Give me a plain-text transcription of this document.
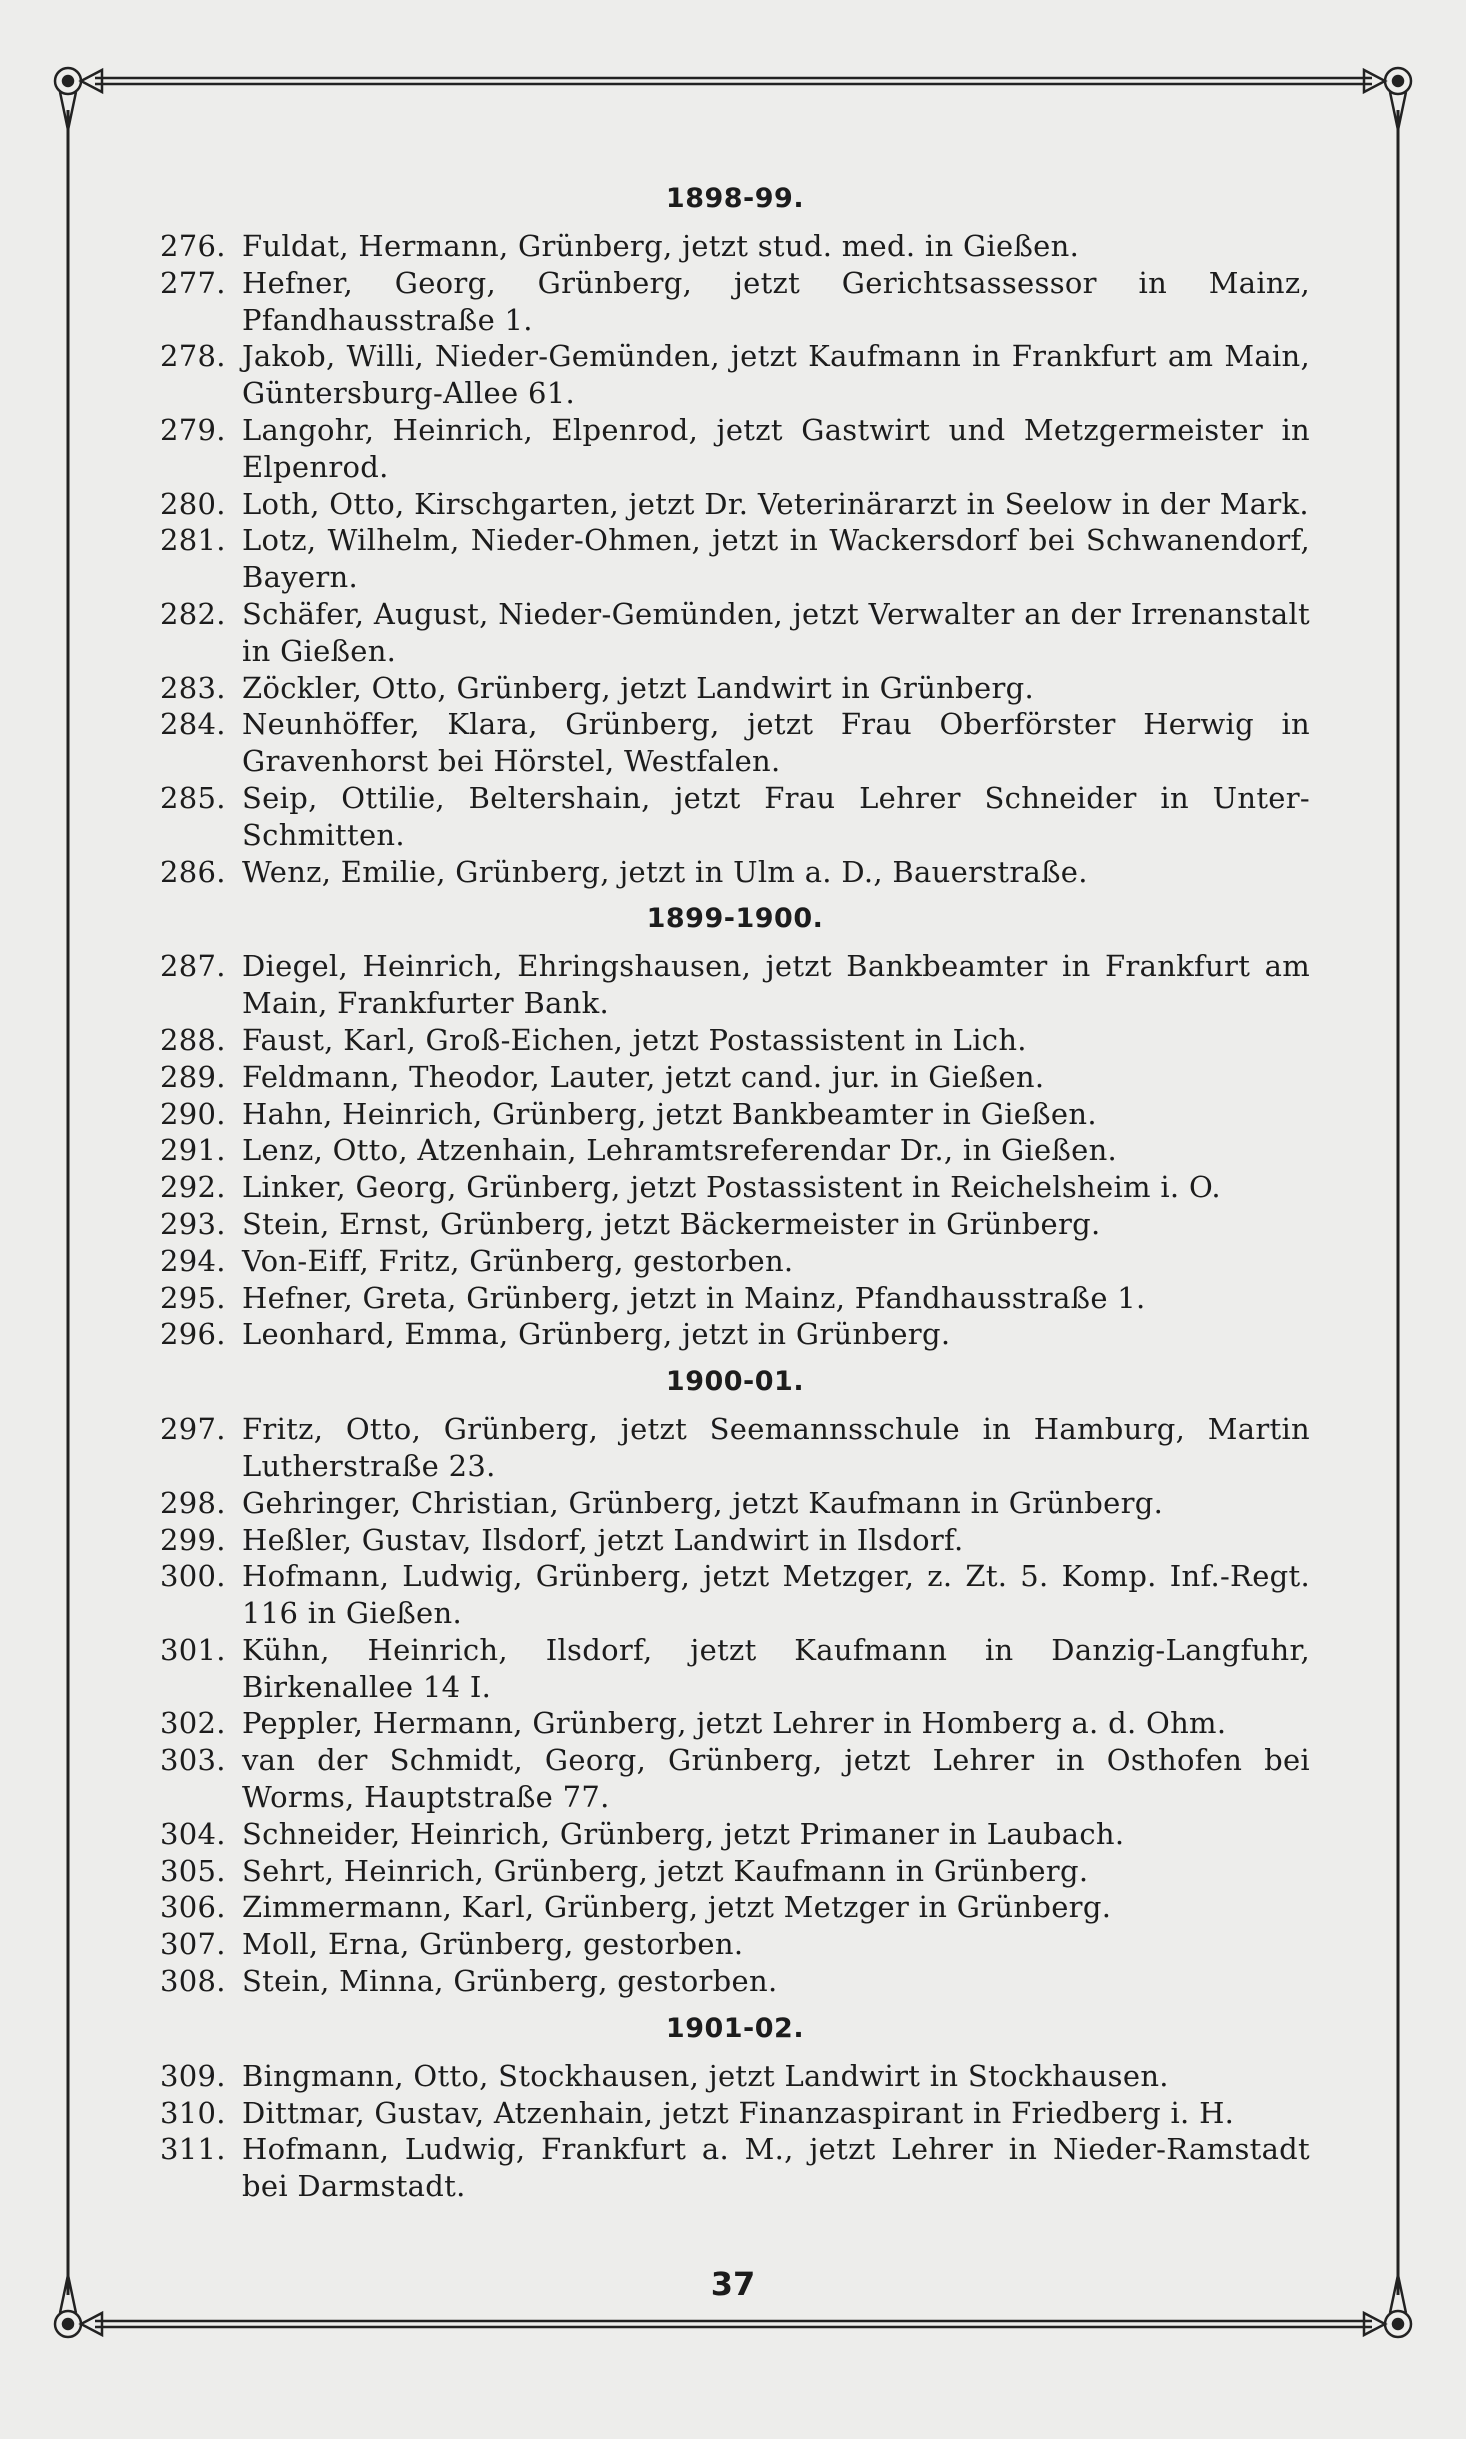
1898-99.
276. Fuldat, Hermann, Grünberg, jetzt stud. med. in Gießen.
277. Hefner, Georg, Grünberg, jetzt Gerichtsassessor in Mainz, Pfandhausstraße 1.
278. Jakob, Willi, Nieder-Gemünden, jetzt Kaufmann in Frankfurt am Main, Güntersburg-Allee 61.
279. Langohr, Heinrich, Elpenrod, jetzt Gastwirt und Metzgermeister in Elpenrod.
280. Loth, Otto, Kirschgarten, jetzt Dr. Veterinärarzt in Seelow in der Mark.
281. Lotz, Wilhelm, Nieder-Ohmen, jetzt in Wackersdorf bei Schwanendorf, Bayern.
282. Schäfer, August, Nieder-Gemünden, jetzt Verwalter an der Irrenanstalt in Gießen.
283. Zöckler, Otto, Grünberg, jetzt Landwirt in Grünberg.
284. Neunhöffer, Klara, Grünberg, jetzt Frau Oberförster Herwig in Gravenhorst bei Hörstel, Westfalen.
285. Seip, Ottilie, Beltershain, jetzt Frau Lehrer Schneider in Unter-Schmitten.
286. Wenz, Emilie, Grünberg, jetzt in Ulm a. D., Bauerstraße.
1899-1900.
287. Diegel, Heinrich, Ehringshausen, jetzt Bankbeamter in Frankfurt am Main, Frankfurter Bank.
288. Faust, Karl, Groß-Eichen, jetzt Postassistent in Lich.
289. Feldmann, Theodor, Lauter, jetzt cand. jur. in Gießen.
290. Hahn, Heinrich, Grünberg, jetzt Bankbeamter in Gießen.
291. Lenz, Otto, Atzenhain, Lehramtsreferendar Dr., in Gießen.
292. Linker, Georg, Grünberg, jetzt Postassistent in Reichelsheim i. O.
293. Stein, Ernst, Grünberg, jetzt Bäckermeister in Grünberg.
294. Von-Eiff, Fritz, Grünberg, gestorben.
295. Hefner, Greta, Grünberg, jetzt in Mainz, Pfandhausstraße 1.
296. Leonhard, Emma, Grünberg, jetzt in Grünberg.
1900-01.
297. Fritz, Otto, Grünberg, jetzt Seemannsschule in Hamburg, Martin Lutherstraße 23.
298. Gehringer, Christian, Grünberg, jetzt Kaufmann in Grünberg.
299. Heßler, Gustav, Ilsdorf, jetzt Landwirt in Ilsdorf.
300. Hofmann, Ludwig, Grünberg, jetzt Metzger, z. Zt. 5. Komp. Inf.-Regt. 116 in Gießen.
301. Kühn, Heinrich, Ilsdorf, jetzt Kaufmann in Danzig-Langfuhr, Birkenallee 14 I.
302. Peppler, Hermann, Grünberg, jetzt Lehrer in Homberg a. d. Ohm.
303. van der Schmidt, Georg, Grünberg, jetzt Lehrer in Osthofen bei Worms, Hauptstraße 77.
304. Schneider, Heinrich, Grünberg, jetzt Primaner in Laubach.
305. Sehrt, Heinrich, Grünberg, jetzt Kaufmann in Grünberg.
306. Zimmermann, Karl, Grünberg, jetzt Metzger in Grünberg.
307. Moll, Erna, Grünberg, gestorben.
308. Stein, Minna, Grünberg, gestorben.
1901-02.
309. Bingmann, Otto, Stockhausen, jetzt Landwirt in Stockhausen.
310. Dittmar, Gustav, Atzenhain, jetzt Finanzaspirant in Friedberg i. H.
311. Hofmann, Ludwig, Frankfurt a. M., jetzt Lehrer in Nieder-Ramstadt bei Darmstadt.
37
